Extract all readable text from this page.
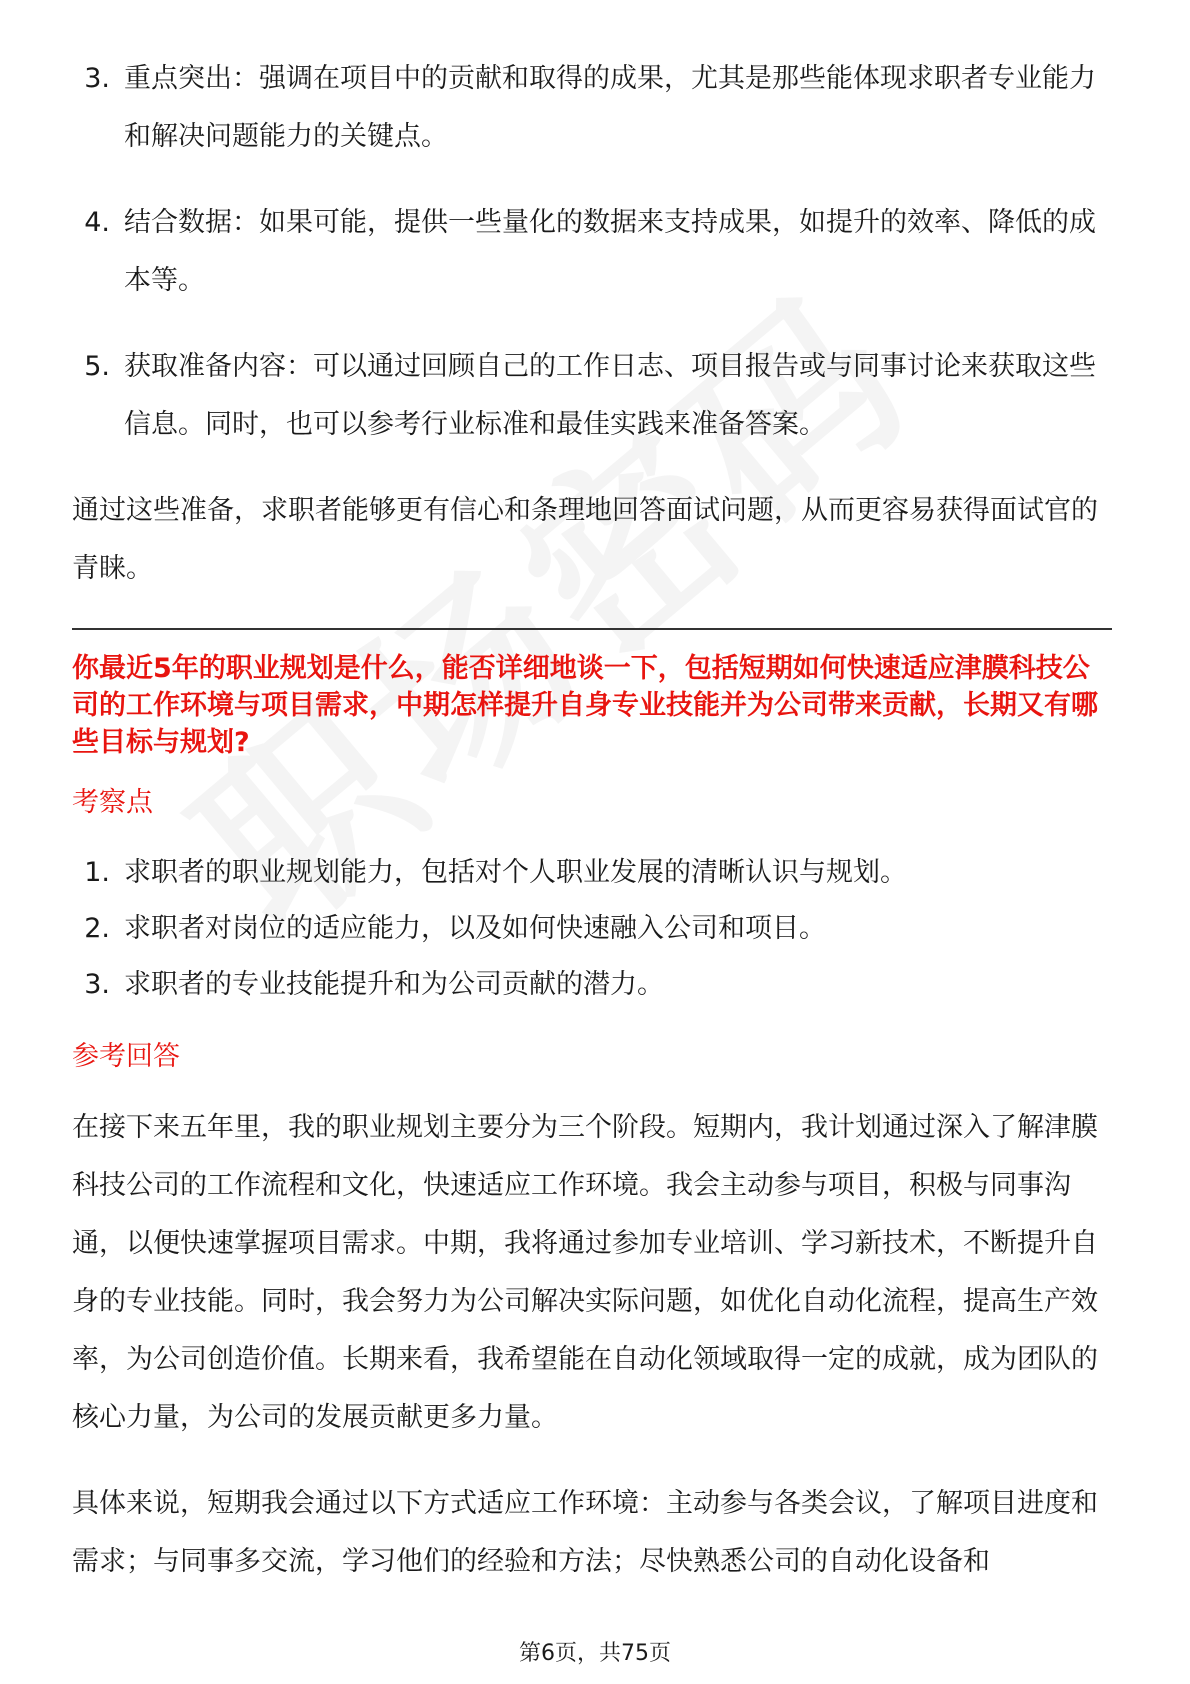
3. 重点突出：强调在项目中的贡献和取得的成果，尤其是那些能体现求职者专业能力和解决问题能力的关键点。
4. 结合数据：如果可能，提供一些量化的数据来支持成果，如提升的效率、降低的成本等。
5. 获取准备内容：可以通过回顾自己的工作日志、项目报告或与同事讨论来获取这些信息。同时，也可以参考行业标准和最佳实践来准备答案。

通过这些准备，求职者能够更有信心和条理地回答面试问题，从而更容易获得面试官的青睐。

你最近5年的职业规划是什么，能否详细地谈一下，包括短期如何快速适应津膜科技公司的工作环境与项目需求，中期怎样提升自身专业技能并为公司带来贡献，长期又有哪些目标与规划?

考察点
1. 求职者的职业规划能力，包括对个人职业发展的清晰认识与规划。
2. 求职者对岗位的适应能力，以及如何快速融入公司和项目。
3. 求职者的专业技能提升和为公司贡献的潜力。
参考回答

在接下来五年里，我的职业规划主要分为三个阶段。短期内，我计划通过深入了解津膜科技公司的工作流程和文化，快速适应工作环境。我会主动参与项目，积极与同事沟通，以便快速掌握项目需求。中期，我将通过参加专业培训、学习新技术，不断提升自身的专业技能。同时，我会努力为公司解决实际问题，如优化自动化流程，提高生产效率，为公司创造价值。长期来看，我希望能在自动化领域取得一定的成就，成为团队的核心力量，为公司的发展贡献更多力量。

具体来说，短期我会通过以下方式适应工作环境：主动参与各类会议，了解项目进度和需求；与同事多交流，学习他们的经验和方法；尽快熟悉公司的自动化设备和

第6页，共75页
